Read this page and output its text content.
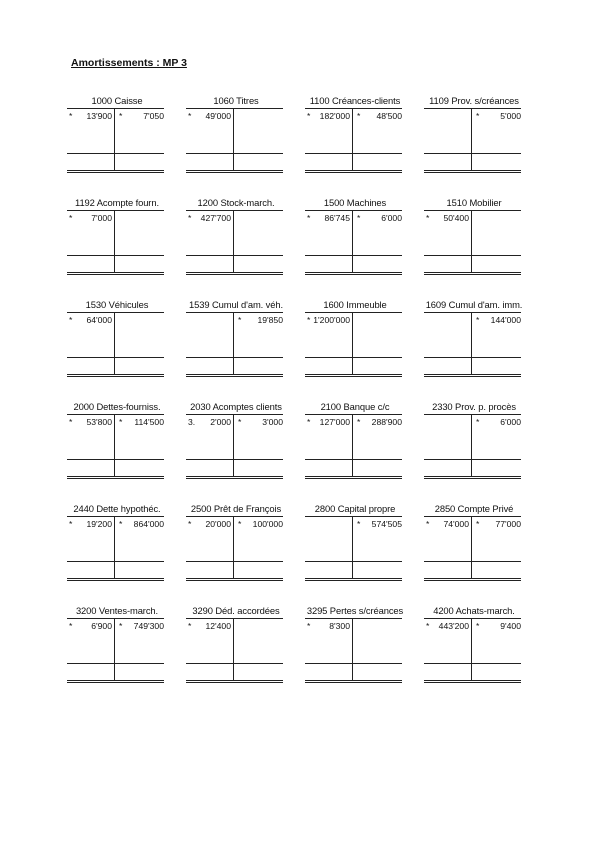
Amortissements : MP 3
1000 Caisse
* 13'900 * 7'050
1060 Titres
* 49'000
1100 Créances-clients
* 182'000 * 48'500
1109 Prov. s/créances
* 5'000
1192 Acompte fourn.
* 7'000
1200 Stock-march.
* 427'700
1500 Machines
* 86'745 * 6'000
1510 Mobilier
* 50'400
1530 Véhicules
* 64'000
1539 Cumul d'am. véh.
* 19'850
1600 Immeuble
* 1'200'000
1609 Cumul d'am. imm.
* 144'000
2000 Dettes-fourniss.
* 53'800 * 114'500
2030 Acomptes clients
3. 2'000 * 3'000
2100 Banque c/c
* 127'000 * 288'900
2330 Prov. p. procès
* 6'000
2440 Dette hypothéc.
* 19'200 * 864'000
2500 Prêt de François
* 20'000 * 100'000
2800 Capital propre
* 574'505
2850 Compte Privé
* 74'000 * 77'000
3200 Ventes-march.
* 6'900 * 749'300
3290 Déd. accordées
* 12'400
3295 Pertes s/créances
* 8'300
4200 Achats-march.
* 443'200 * 9'400
